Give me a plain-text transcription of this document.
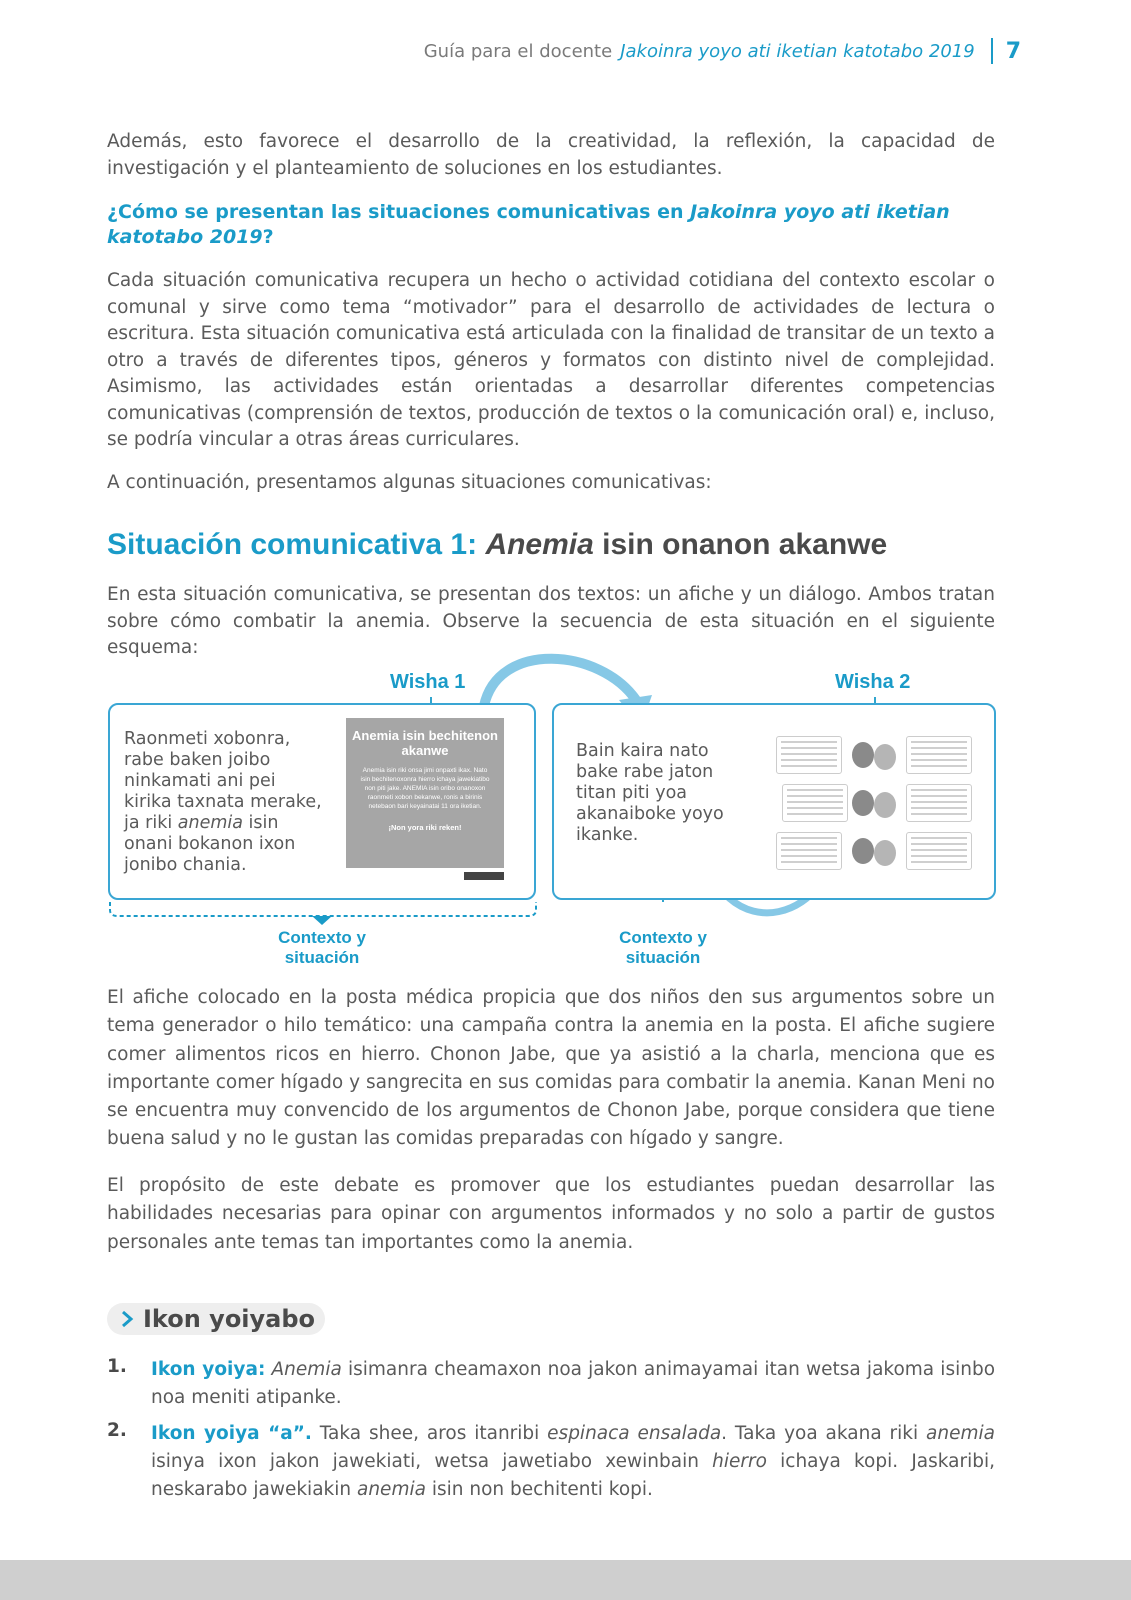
Guía para el docente Jakoinra yoyo ati iketian katotabo 2019 7

Además, esto favorece el desarrollo de la creatividad, la reflexión, la capacidad de investigación y el planteamiento de soluciones en los estudiantes.

¿Cómo se presentan las situaciones comunicativas en Jakoinra yoyo ati iketian katotabo 2019?

Cada situación comunicativa recupera un hecho o actividad cotidiana del contexto escolar o comunal y sirve como tema “motivador” para el desarrollo de actividades de lectura o escritura. Esta situación comunicativa está articulada con la finalidad de transitar de un texto a otro a través de diferentes tipos, géneros y formatos con distinto nivel de complejidad. Asimismo, las actividades están orientadas a desarrollar diferentes competencias comunicativas (comprensión de textos, producción de textos o la comunicación oral) e, incluso, se podría vincular a otras áreas curriculares.

A continuación, presentamos algunas situaciones comunicativas:

Situación comunicativa 1: Anemia isin onanon akanwe

En esta situación comunicativa, se presentan dos textos: un afiche y un diálogo. Ambos tratan sobre cómo combatir la anemia. Observe la secuencia de esta situación en el siguiente esquema:

Wisha 1	Wisha 2
Raonmeti xobonra, rabe baken joibo ninkamati ani pei kirika taxnata merake, ja riki anemia isin onani bokanon ixon jonibo chania.
Anemia isin bechitenon akanwe
Anemia isin riki onsa jimi onpaxti ikax. Nato isin bechitenoxonra hierro ichaya jawekiatibo non piti jake. ANEMIA isin oribo onanoxon raonmeti xobon bekanwe, ronis a birinis netebaon bari keyainatai 11 ora iketian.
¡Non yora riki reken!
Bain kaira nato bake rabe jaton titan piti yoa akanaiboke yoyo ikanke.
Contexto y
situación
Contexto y
situación

El afiche colocado en la posta médica propicia que dos niños den sus argumentos sobre un tema generador o hilo temático: una campaña contra la anemia en la posta. El afiche sugiere comer alimentos ricos en hierro. Chonon Jabe, que ya asistió a la charla, menciona que es importante comer hígado y sangrecita en sus comidas para combatir la anemia. Kanan Meni no se encuentra muy convencido de los argumentos de Chonon Jabe, porque considera que tiene buena salud y no le gustan las comidas preparadas con hígado y sangre.

El propósito de este debate es promover que los estudiantes puedan desarrollar las habilidades necesarias para opinar con argumentos informados y no solo a partir de gustos personales ante temas tan importantes como la anemia.

Ikon yoiyabo
1. Ikon yoiya: Anemia isimanra cheamaxon noa jakon animayamai itan wetsa jakoma isinbo noa meniti atipanke.

2. Ikon yoiya “a”. Taka shee, aros itanribi espinaca ensalada. Taka yoa akana riki anemia isinya ixon jakon jawekiati, wetsa jawetiabo xewinbain hierro ichaya kopi. Jaskaribi, neskarabo jawekiakin anemia isin non bechitenti kopi.
